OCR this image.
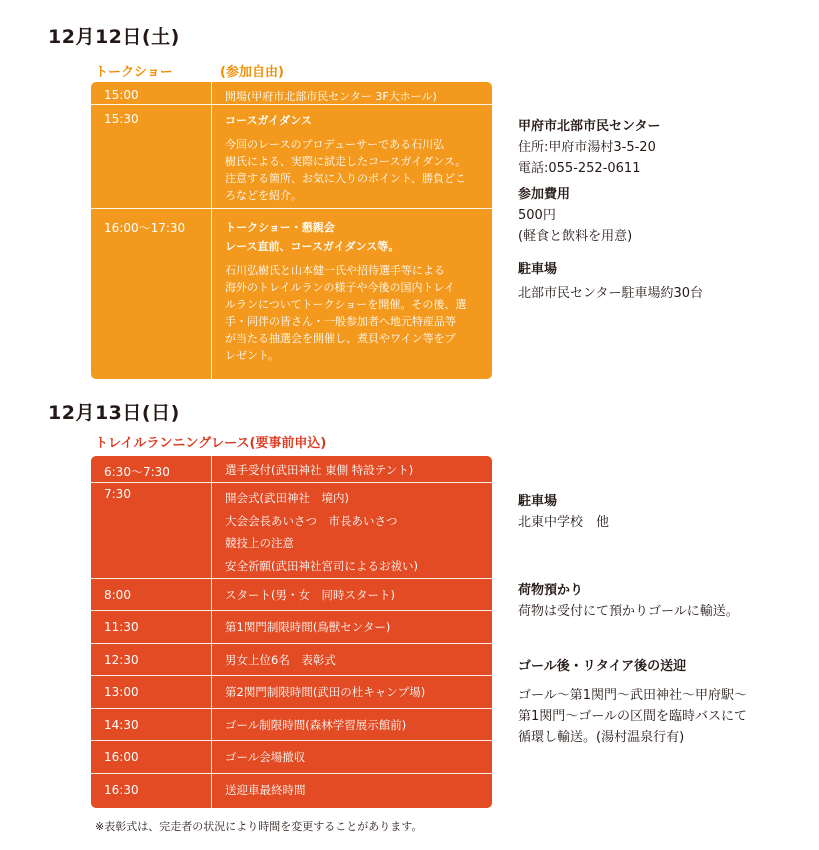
12月12日(土)
トークショー	(参加自由)
15:00	開場(甲府市北部市民センター 3F大ホール)
15:30	コースガイダンス
今回のレースのプロデューサーである石川弘
樹氏による、実際に試走したコースガイダンス。
注意する箇所、お気に入りのポイント、勝負どこ
ろなどを紹介。
16:00〜17:30	トークショー・懇親会
レース直前、コースガイダンス等。
石川弘樹氏と山本健一氏や招待選手等による
海外のトレイルランの様子や今後の国内トレイ
ルランについてトークショーを開催。その後、選
手・同伴の皆さん・一般参加者へ地元特産品等
が当たる抽選会を開催し、煮貝やワイン等をプ
レゼント。
甲府市北部市民センター
住所:甲府市湯村3-5-20
電話:055-252-0611
参加費用
500円
(軽食と飲料を用意)
駐車場
北部市民センター駐車場約30台
12月13日(日)
トレイルランニングレース(要事前申込)
6:30〜7:30	選手受付(武田神社 東側 特設テント)
7:30	開会式(武田神社　境内)
大会会長あいさつ　市長あいさつ
競技上の注意
安全祈願(武田神社宮司によるお祓い)
8:00	スタート(男・女　同時スタート)
11:30	第1関門制限時間(鳥獣センター)
12:30	男女上位6名　表彰式
13:00	第2関門制限時間(武田の杜キャンプ場)
14:30	ゴール制限時間(森林学習展示館前)
16:00	ゴール会場撤収
16:30	送迎車最終時間
駐車場
北東中学校　他
荷物預かり
荷物は受付にて預かりゴールに輸送。
ゴール後・リタイア後の送迎
ゴール〜第1関門〜武田神社〜甲府駅〜
第1関門〜ゴールの区間を臨時バスにて
循環し輸送。(湯村温泉行有)
※表彰式は、完走者の状況により時間を変更することがあります。
